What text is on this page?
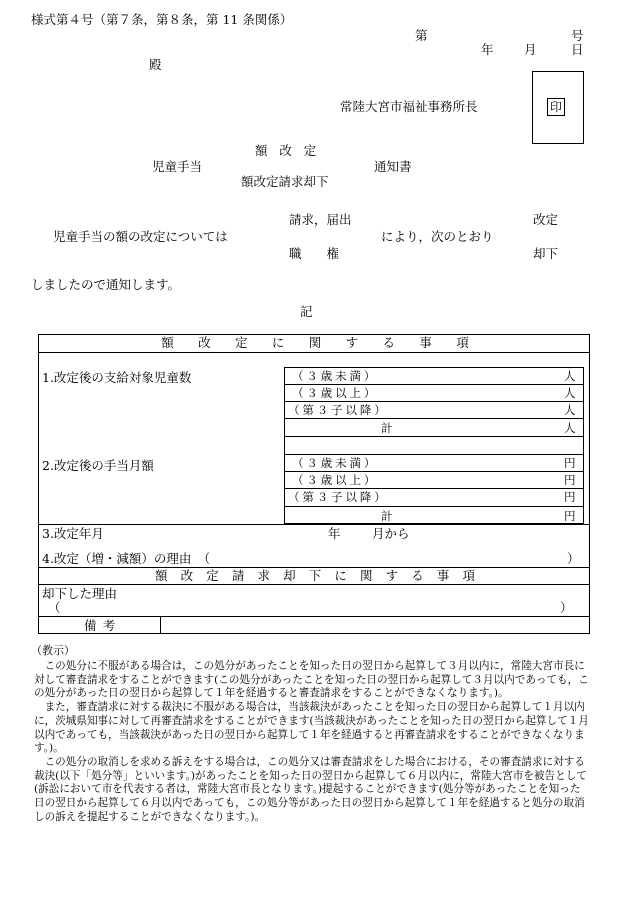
様式第４号（第７条，第８条，第 11 条関係）
第	号
年 月	日
殿
印
常陸大宮市福祉事務所長
額改定
児童手当	通知書
額改定請求却下
請求，届出	改定
児童手当の額の改定については	により，次のとおり
職　　権	却下
しましたので通知します。
記
額改定に関する事項
1.改定後の支給対象児童数	（３歳未満）	人
（３歳以上）	人
（第３子以降）	人
計	人
2.改定後の手当月額	（３歳未満）	円
（３歳以上）	円
（第３子以降）	円
計	円
3.改定年月	年	月から
4.改定（増・減額）の理由　（	）
額改定請求却下に関する事項
却下した理由
（	）
備考
（教示）

この処分に不服がある場合は，この処分があったことを知った日の翌日から起算して３月以内に，常陸大宮市長に対して審査請求をすることができます(この処分があったことを知った日の翌日から起算して３月以内であっても，この処分があった日の翌日から起算して１年を経過すると審査請求をすることができなくなります。)。

また，審査請求に対する裁決に不服がある場合は，当該裁決があったことを知った日の翌日から起算して１月以内に，茨城県知事に対して再審査請求をすることができます(当該裁決があったことを知った日の翌日から起算して１月以内であっても，当該裁決があった日の翌日から起算して１年を経過すると再審査請求をすることができなくなります。)。

この処分の取消しを求める訴えをする場合は，この処分又は審査請求をした場合における，その審査請求に対する裁決(以下「処分等」といいます。)があったことを知った日の翌日から起算して６月以内に，常陸大宮市を被告として(訴訟において市を代表する者は，常陸大宮市長となります。)提起することができます(処分等があったことを知った日の翌日から起算して６月以内であっても，この処分等があった日の翌日から起算して１年を経過すると処分の取消しの訴えを提起することができなくなります。)。
